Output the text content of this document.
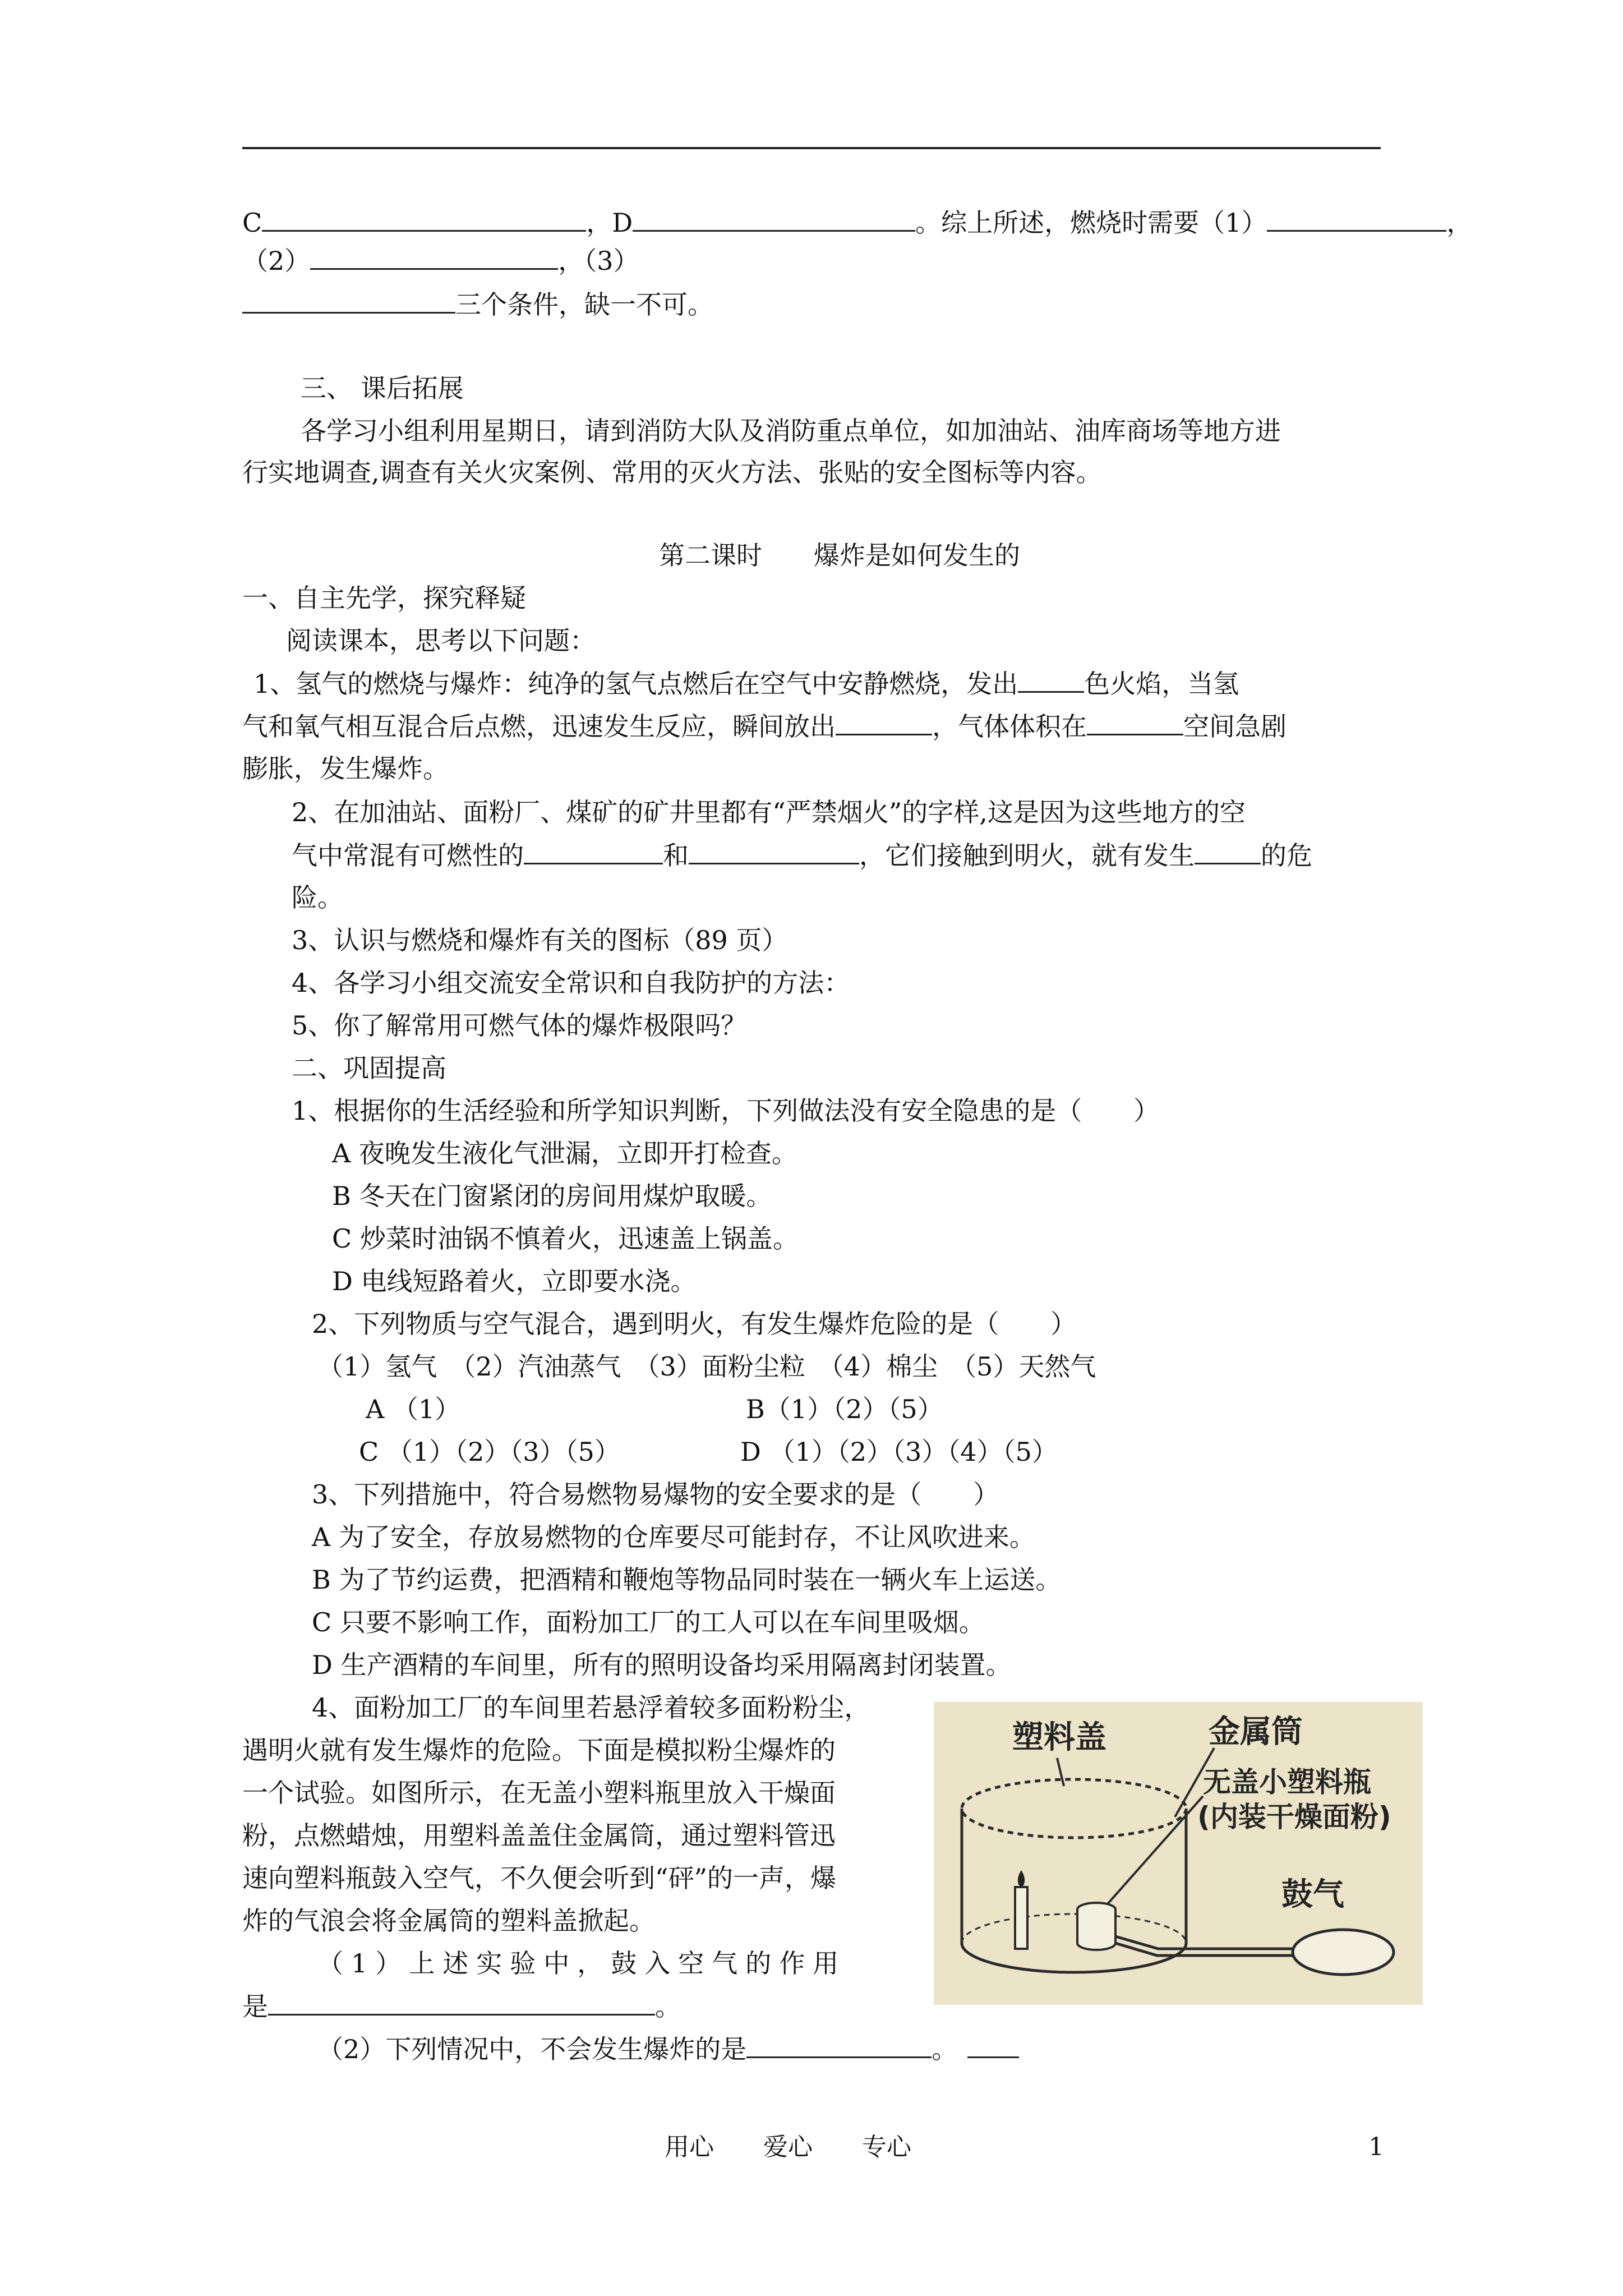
C	，D	。综上所述，燃烧时需要（1）	，
（2）	，（3）
三个条件，缺一不可。
三、 课后拓展
各学习小组利用星期日，请到消防大队及消防重点单位，如加油站、油库商场等地方进
行实地调查,调查有关火灾案例、常用的灭火方法、张贴的安全图标等内容。
第二课时　　爆炸是如何发生的
一、自主先学，探究释疑
阅读课本，思考以下问题：
1、氢气的燃烧与爆炸：纯净的氢气点燃后在空气中安静燃烧，发出	色火焰，当氢
气和氧气相互混合后点燃，迅速发生反应，瞬间放出	，气体体积在	空间急剧
膨胀，发生爆炸。
2、在加油站、面粉厂、煤矿的矿井里都有“严禁烟火”的字样,这是因为这些地方的空
气中常混有可燃性的	和	，它们接触到明火，就有发生	的危
险。
3、认识与燃烧和爆炸有关的图标（89 页）
4、各学习小组交流安全常识和自我防护的方法：
5、你了解常用可燃气体的爆炸极限吗？
二、巩固提高
1、根据你的生活经验和所学知识判断，下列做法没有安全隐患的是（　　）
A 夜晚发生液化气泄漏，立即开打检查。
B 冬天在门窗紧闭的房间用煤炉取暖。
C 炒菜时油锅不慎着火，迅速盖上锅盖。
D 电线短路着火，立即要水浇。
2、下列物质与空气混合，遇到明火，有发生爆炸危险的是（　　）
（1）氢气　（2）汽油蒸气　（3）面粉尘粒　（4）棉尘　（5）天然气
A （1）	B（1）（2）（5）
C （1）（2）（3）（5）	D （1）（2）（3）（4）（5）
3、下列措施中，符合易燃物易爆物的安全要求的是（　　）
A 为了安全，存放易燃物的仓库要尽可能封存，不让风吹进来。
B 为了节约运费，把酒精和鞭炮等物品同时装在一辆火车上运送。
C 只要不影响工作，面粉加工厂的工人可以在车间里吸烟。
D 生产酒精的车间里，所有的照明设备均采用隔离封闭装置。
4、面粉加工厂的车间里若悬浮着较多面粉粉尘，
遇明火就有发生爆炸的危险。下面是模拟粉尘爆炸的
一个试验。如图所示，在无盖小塑料瓶里放入干燥面
粉，点燃蜡烛，用塑料盖盖住金属筒，通过塑料管迅
速向塑料瓶鼓入空气，不久便会听到“砰”的一声，爆
炸的气浪会将金属筒的塑料盖掀起。
（1）上述实验中，鼓入空气的作用
是	。
（2）下列情况中，不会发生爆炸的是	。
塑料盖	金属筒
无盖小塑料瓶
(内装干燥面粉)
鼓气
用心　　爱心　　专心	1
